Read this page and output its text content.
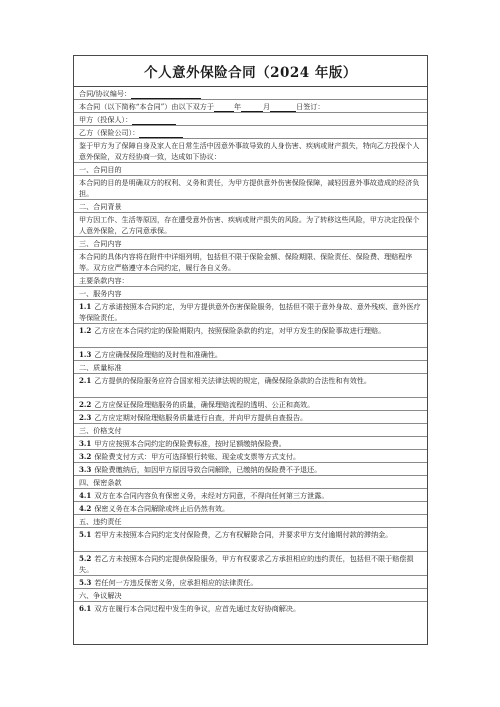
个人意外保险合同（2024 年版）
合同/协议编号：
本合同（以下简称“本合同”）由以下双方于	年	月	日签订：
甲方（投保人）：
乙方（保险公司）：
鉴于甲方为了保障自身及家人在日常生活中因意外事故导致的人身伤害、疾病或财产损失，特向乙方投保个人意外保险，双方经协商一致，达成如下协议：
一、合同目的
本合同的目的是明确双方的权利、义务和责任，为甲方提供意外伤害保险保障，减轻因意外事故造成的经济负担。
二、合同背景
甲方因工作、生活等原因，存在遭受意外伤害、疾病或财产损失的风险。为了转移这些风险，甲方决定投保个人意外保险，乙方同意承保。
三、合同内容
本合同的具体内容将在附件中详细列明，包括但不限于保险金额、保险期限、保险责任、保险费、理赔程序等。双方应严格遵守本合同约定，履行各自义务。
主要条款内容：
一、服务内容
1.1 乙方承诺按照本合同约定，为甲方提供意外伤害保险服务，包括但不限于意外身故、意外残疾、意外医疗等保险责任。
1.2 乙方应在本合同约定的保险期限内，按照保险条款的约定，对甲方发生的保险事故进行理赔。
1.3 乙方应确保保险理赔的及时性和准确性。
二、质量标准
2.1 乙方提供的保险服务应符合国家相关法律法规的规定，确保保险条款的合法性和有效性。
2.2 乙方应保证保险理赔服务的质量，确保理赔流程的透明、公正和高效。
2.3 乙方应定期对保险理赔服务质量进行自查，并向甲方提供自查报告。
三、价格支付
3.1 甲方应按照本合同约定的保险费标准，按时足额缴纳保险费。
3.2 保险费支付方式：甲方可选择银行转账、现金或支票等方式支付。
3.3 保险费缴纳后，如因甲方原因导致合同解除，已缴纳的保险费不予退还。
四、保密条款
4.1 双方在本合同内容负有保密义务，未经对方同意，不得向任何第三方泄露。
4.2 保密义务在本合同解除或终止后仍然有效。
五、违约责任
5.1 若甲方未按照本合同约定支付保险费，乙方有权解除合同，并要求甲方支付逾期付款的滞纳金。
5.2 若乙方未按照本合同约定提供保险服务，甲方有权要求乙方承担相应的违约责任，包括但不限于赔偿损失。
5.3 若任何一方违反保密义务，应承担相应的法律责任。
六、争议解决
6.1 双方在履行本合同过程中发生的争议，应首先通过友好协商解决。
